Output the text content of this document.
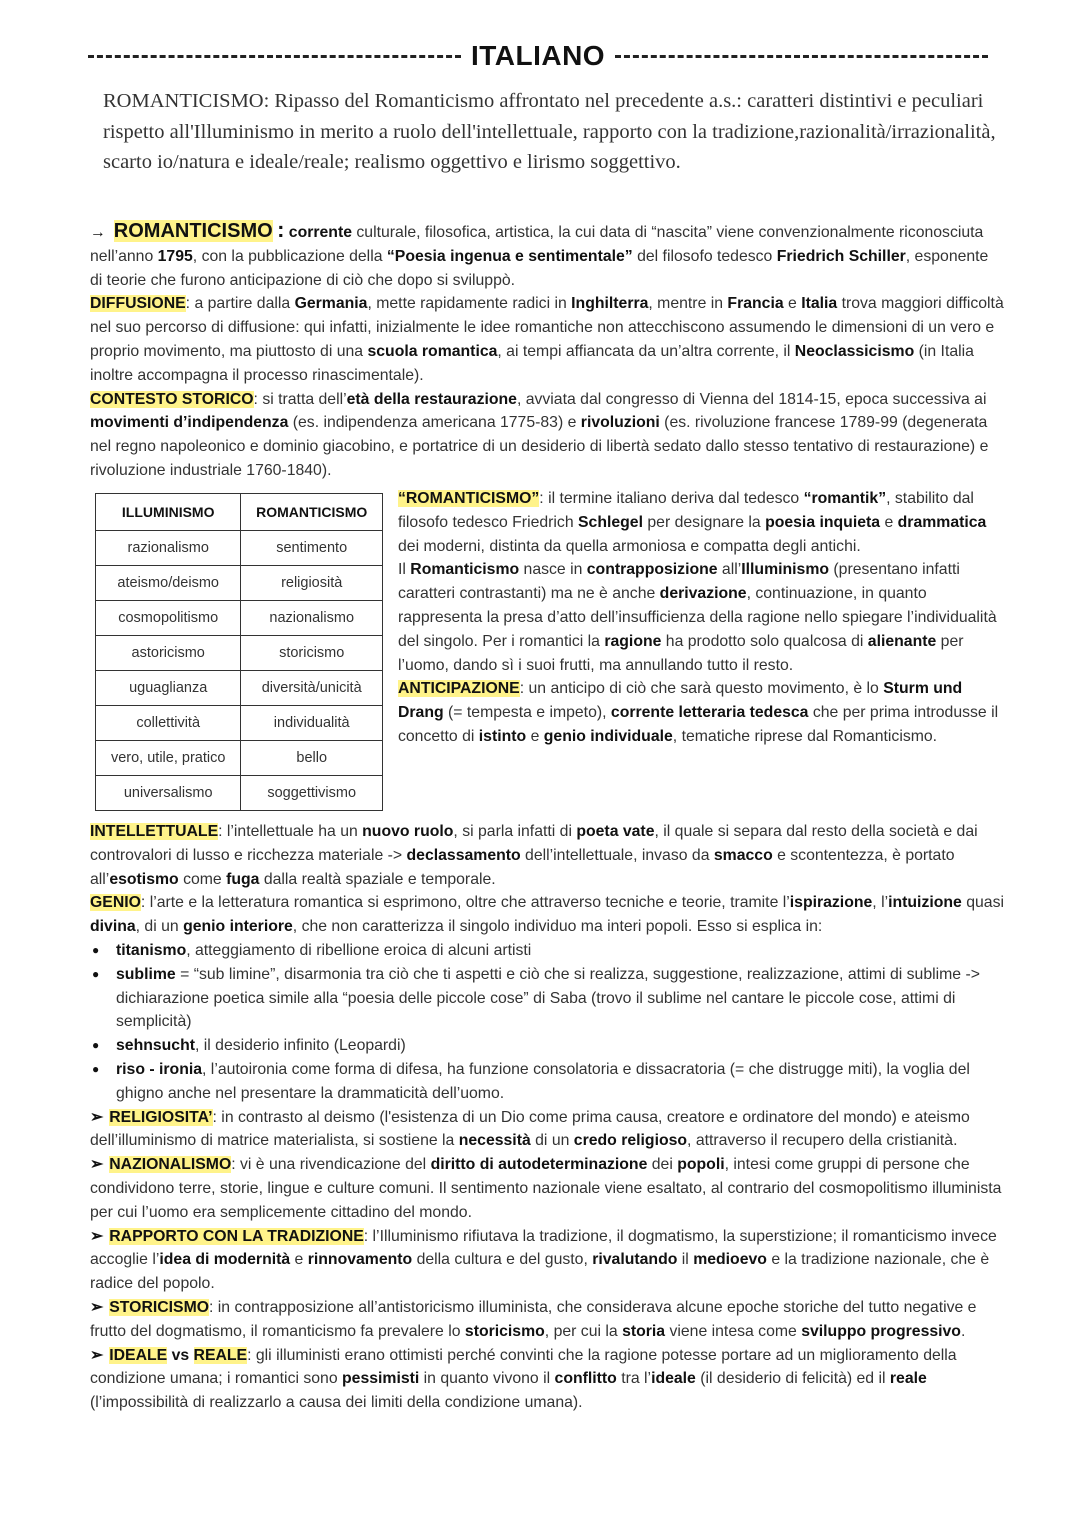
ITALIANO
ROMANTICISMO: Ripasso del Romanticismo affrontato nel precedente a.s.: caratteri distintivi e peculiari rispetto all'Illuminismo in merito a ruolo dell'intellettuale, rapporto con la tradizione,razionalità/irrazionalità, scarto io/natura e ideale/reale; realismo oggettivo e lirismo soggettivo.
→ ROMANTICISMO : corrente culturale, filosofica, artistica, la cui data di “nascita” viene convenzionalmente riconosciuta nell’anno 1795, con la pubblicazione della “Poesia ingenua e sentimentale” del filosofo tedesco Friedrich Schiller, esponente di teorie che furono anticipazione di ciò che dopo si sviluppò.
DIFFUSIONE: a partire dalla Germania, mette rapidamente radici in Inghilterra, mentre in Francia e Italia trova maggiori difficoltà nel suo percorso di diffusione: qui infatti, inizialmente le idee romantiche non attecchiscono assumendo le dimensioni di un vero e proprio movimento, ma piuttosto di una scuola romantica, ai tempi affiancata da un’altra corrente, il Neoclassicismo (in Italia inoltre accompagna il processo rinascimentale).
CONTESTO STORICO: si tratta dell’età della restaurazione, avviata dal congresso di Vienna del 1814-15, epoca successiva ai movimenti d’indipendenza (es. indipendenza americana 1775-83) e rivoluzioni (es. rivoluzione francese 1789-99 (degenerata nel regno napoleonico e dominio giacobino, e portatrice di un desiderio di libertà sedato dallo stesso tentativo di restaurazione) e rivoluzione industriale 1760-1840).
ILLUMINISMO	ROMANTICISMO
razionalismo	sentimento
ateismo/deismo	religiosità
cosmopolitismo	nazionalismo
astoricismo	storicismo
uguaglianza	diversità/unicità
collettività	individualità
vero, utile, pratico	bello
universalismo	soggettivismo
“ROMANTICISMO”: il termine italiano deriva dal tedesco “romantik”, stabilito dal filosofo tedesco Friedrich Schlegel per designare la poesia inquieta e drammatica dei moderni, distinta da quella armoniosa e compatta degli antichi.
Il Romanticismo nasce in contrapposizione all’Illuminismo (presentano infatti caratteri contrastanti) ma ne è anche derivazione, continuazione, in quanto rappresenta la presa d’atto dell’insufficienza della ragione nello spiegare l’individualità del singolo. Per i romantici la ragione ha prodotto solo qualcosa di alienante per l’uomo, dando sì i suoi frutti, ma annullando tutto il resto.
ANTICIPAZIONE: un anticipo di ciò che sarà questo movimento, è lo Sturm und Drang (= tempesta e impeto), corrente letteraria tedesca che per prima introdusse il concetto di istinto e genio individuale, tematiche riprese dal Romanticismo.
INTELLETTUALE: l’intellettuale ha un nuovo ruolo, si parla infatti di poeta vate, il quale si separa dal resto della società e dai controvalori di lusso e ricchezza materiale -> declassamento dell’intellettuale, invaso da smacco e scontentezza, è portato all’esotismo come fuga dalla realtà spaziale e temporale.
GENIO: l’arte e la letteratura romantica si esprimono, oltre che attraverso tecniche e teorie, tramite l’ispirazione, l’intuizione quasi divina, di un genio interiore, che non caratterizza il singolo individuo ma interi popoli. Esso si esplica in:
● titanismo, atteggiamento di ribellione eroica di alcuni artisti
● sublime = “sub limine”, disarmonia tra ciò che ti aspetti e ciò che si realizza, suggestione, realizzazione, attimi di sublime -> dichiarazione poetica simile alla “poesia delle piccole cose” di Saba (trovo il sublime nel cantare le piccole cose, attimi di semplicità)
● sehnsucht, il desiderio infinito (Leopardi)
● riso - ironia, l’autoironia come forma di difesa, ha funzione consolatoria e dissacratoria (= che distrugge miti), la voglia del ghigno anche nel presentare la drammaticità dell’uomo.
➢ RELIGIOSITA’: in contrasto al deismo (l'esistenza di un Dio come prima causa, creatore e ordinatore del mondo) e ateismo dell’illuminismo di matrice materialista, si sostiene la necessità di un credo religioso, attraverso il recupero della cristianità.
➢ NAZIONALISMO: vi è una rivendicazione del diritto di autodeterminazione dei popoli, intesi come gruppi di persone che condividono terre, storie, lingue e culture comuni. Il sentimento nazionale viene esaltato, al contrario del cosmopolitismo illuminista per cui l’uomo era semplicemente cittadino del mondo.
➢ RAPPORTO CON LA TRADIZIONE: l’Illuminismo rifiutava la tradizione, il dogmatismo, la superstizione; il romanticismo invece accoglie l’idea di modernità e rinnovamento della cultura e del gusto, rivalutando il medioevo e la tradizione nazionale, che è radice del popolo.
➢ STORICISMO: in contrapposizione all’antistoricismo illuminista, che considerava alcune epoche storiche del tutto negative e frutto del dogmatismo, il romanticismo fa prevalere lo storicismo, per cui la storia viene intesa come sviluppo progressivo.
➢ IDEALE vs REALE: gli illuministi erano ottimisti perché convinti che la ragione potesse portare ad un miglioramento della condizione umana; i romantici sono pessimisti in quanto vivono il conflitto tra l’ideale (il desiderio di felicità) ed il reale (l’impossibilità di realizzarlo a causa dei limiti della condizione umana).
